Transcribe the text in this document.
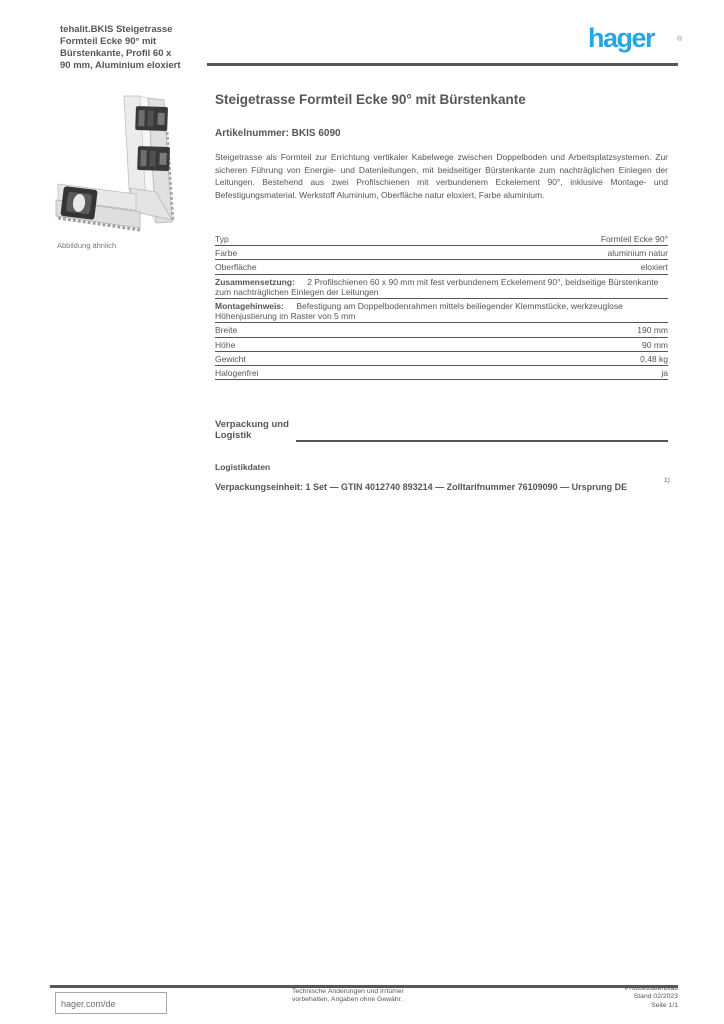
tehalit.BKIS Steigetrasse
Formteil Ecke 90° mit
Bürstenkante, Profil 60 x
90 mm, Aluminium eloxiert
hager	®
Abbildung ähnlich
Steigetrasse Formteil Ecke 90° mit Bürstenkante
Artikelnummer: BKIS 6090
Steigetrasse als Formteil zur Errichtung vertikaler Kabelwege zwischen Doppelboden und Arbeitsplatzsystemen. Zur sicheren Führung von Energie- und Datenleitungen, mit beidseitiger Bürstenkante zum nachträglichen Einlegen der Leitungen. Bestehend aus zwei Profilschienen mit verbundenem Eckelement 90°, inklusive Montage- und Befestigungsmaterial. Werkstoff Aluminium, Oberfläche natur eloxiert, Farbe aluminium.
Typ	Formteil Ecke 90°
Farbe	aluminium natur
Oberfläche	eloxiert
Zusammensetzung: 2 Profilschienen 60 x 90 mm mit fest verbundenem Eckelement 90°, beidseitige Bürstenkante zum nachträglichen Einlegen der Leitungen
Montagehinweis: Befestigung am Doppelbodenrahmen mittels beiliegender Klemmstücke, werkzeuglose Höhenjustierung im Raster von 5 mm
Breite	190 mm
Höhe	90 mm
Gewicht	0,48 kg
Halogenfrei	ja
Verpackung und Logistik
Logistikdaten
Verpackungseinheit: 1 Set — GTIN 4012740 893214 — Zolltarifnummer 76109090 — Ursprung DE
1)
hager.com/de
Technische Änderungen und Irrtümer
vorbehalten. Angaben ohne Gewähr.
Produktdatenblatt
Stand 02/2023
Seite 1/1
